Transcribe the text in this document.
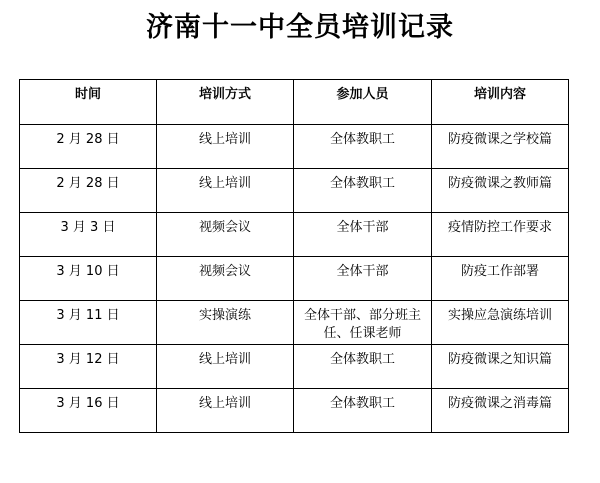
济南十一中全员培训记录
时间	培训方式	参加人员	培训内容
2 月 28 日	线上培训	全体教职工	防疫微课之学校篇
2 月 28 日	线上培训	全体教职工	防疫微课之教师篇
3 月 3 日	视频会议	全体干部	疫情防控工作要求
3 月 10 日	视频会议	全体干部	防疫工作部署
3 月 11 日	实操演练	全体干部、部分班主任、任课老师	实操应急演练培训
3 月 12 日	线上培训	全体教职工	防疫微课之知识篇
3 月 16 日	线上培训	全体教职工	防疫微课之消毒篇
